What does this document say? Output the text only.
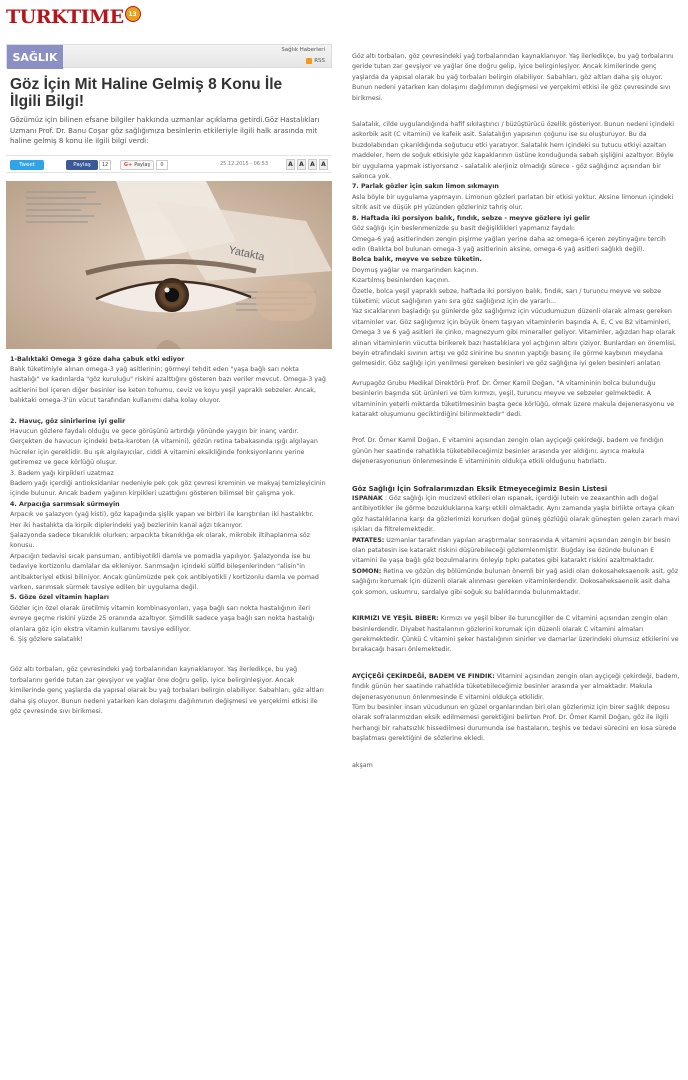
TURKTIME 13
SAĞLIK
Sağlık Haberleri
RSS
Göz İçin Mit Haline Gelmiş 8 Konu İle İlgili Bilgi!

Gözümüz için bilinen efsane bilgiler hakkında uzmanlar açıklama getirdi.Göz Hastalıkları Uzmanı Prof. Dr. Banu Coşar göz sağlığımıza besinlerin etkileriyle ilgili halk arasında mit haline gelmiş 8 konu ile ilgili bilgi verdi:

Tweet	Paylaş	12	G+ Paylaş	0	25.12.2015 - 06:53	A	A	A	A
Yatakta

1-Balıktaki Omega 3 göze daha çabuk etki ediyor

Balık tüketimiyle alınan omega-3 yağ asitlerinin; görmeyi tehdit eden "yaşa bağlı sarı nokta hastalığı" ve kadınlarda "göz kuruluğu" riskini azalttığını gösteren bazı veriler mevcut. Omega-3 yağ asitlerini bol içeren diğer besinler ise keten tohumu, ceviz ve koyu yeşil yapraklı sebzeler. Ancak, balıktaki omega-3'ün vücut tarafından kullanımı daha kolay oluyor.

2. Havuç, göz sinirlerine iyi gelir

Havucun gözlere faydalı olduğu ve gece görüşünü artırdığı yönünde yaygın bir inanç vardır.

Gerçekten de havucun içindeki beta-karoten (A vitamini), gözün retina tabakasında ışığı algılayan hücreler için gereklidir. Bu ışık algılayıcılar, ciddi A vitamini eksikliğinde fonksiyonlarını yerine getiremez ve gece körlüğü oluşur.

3. Badem yağı kirpikleri uzatmaz

Badem yağı içerdiği antioksidanlar nedeniyle pek çok göz çevresi kreminin ve makyaj temizleyicinin içinde bulunur. Ancak badem yağının kirpikleri uzattığını gösteren bilimsel bir çalışma yok.

4. Arpacığa sarımsak sürmeyin

Arpacık ve şalazyon (yağ kisti), göz kapağında şişlik yapan ve birbiri ile karıştırılan iki hastalıktır.

Her iki hastalıkta da kirpik diplerindeki yağ bezlerinin kanal ağzı tıkanıyor.

Şalazyonda sadece tıkanıklık olurken; arpacıkta tıkanıklığa ek olarak, mikrobik iltihaplanma söz konusu.

Arpacığın tedavisi sıcak pansuman, antibiyotikli damla ve pomadla yapılıyor. Şalazyonda ise bu tedaviye kortizonlu damlalar da ekleniyor. Sarımsağın içindeki sülfid bileşenlerinden "alisin"in antibakteriyel etkisi biliniyor. Ancak günümüzde pek çok antibiyotikli / kortizonlu damla ve pomad varken, sarımsak sürmek tavsiye edilen bir uygulama değil.

5. Göze özel vitamin hapları

Gözler için özel olarak üretilmiş vitamin kombinasyonları, yaşa bağlı sarı nokta hastalığının ileri evreye geçme riskini yüzde 25 oranında azaltıyor. Şimdilik sadece yaşa bağlı sarı nokta hastalığı olanlara göz için ekstra vitamin kullanımı tavsiye ediliyor.

6. Şiş gözlere salatalık!

Göz altı torbaları, göz çevresindeki yağ torbalarından kaynaklanıyor. Yaş ilerledikçe, bu yağ torbalarını geride tutan zar gevşiyor ve yağlar öne doğru gelip, iyice belirginleşiyor. Ancak kimilerinde genç yaşlarda da yapısal olarak bu yağ torbaları belirgin olabiliyor. Sabahları, göz altları daha şiş oluyor. Bunun nedeni yatarken kan dolaşımı dağılımının değişmesi ve yerçekimi etkisi ile göz çevresinde sıvı birikmesi.

Göz altı torbaları, göz çevresindeki yağ torbalarından kaynaklanıyor. Yaş ilerledikçe, bu yağ torbalarını geride tutan zar gevşiyor ve yağlar öne doğru gelip, iyice belirginleşiyor. Ancak kimilerinde genç yaşlarda da yapısal olarak bu yağ torbaları belirgin olabiliyor. Sabahları, göz altları daha şiş oluyor. Bunun nedeni yatarken kan dolaşımı dağılımının değişmesi ve yerçekimi etkisi ile göz çevresinde sıvı birikmesi.

Salatalık, cilde uygulandığında hafif sıkılaştırıcı / büzüştürücü özellik gösteriyor. Bunun nedeni içindeki askorbik asit (C vitamini) ve kafeik asit. Salatalığın yapısının çoğunu ise su oluşturuyor. Bu da buzdolabından çıkarıldığında soğutucu etki yaratıyor. Salatalık hem içindeki su tutucu etkiyi azaltan maddeler, hem de soğuk etkisiyle göz kapaklarının üstüne konduğunda sabah şişliğini azaltıyor. Böyle bir uygulama yapmak istiyorsanız - salatalık alerjiniz olmadığı sürece - göz sağlığınız açısından bir sakınca yok.

7. Parlak gözler için sakın limon sıkmayın

Asla böyle bir uygulama yapmayın. Limonun gözleri parlatan bir etkisi yoktur. Aksine limonun içindeki sitrik asit ve düşük pH yüzünden gözleriniz tahriş olur.

8. Haftada iki porsiyon balık, fındık, sebze - meyve gözlere iyi gelir

Göz sağlığı için beslenmenizde şu basit değişiklikleri yapmanız faydalı:

Omega-6 yağ asitlerinden zengin pişirme yağları yerine daha az omega-6 içeren zeytinyağını tercih edin (Balıkta bol bulunan omega-3 yağ asitlerinin aksine, omega-6 yağ asitleri sağlıklı değil).

Bolca balık, meyve ve sebze tüketin.

Doymuş yağlar ve margarinden kaçının.

Kızartılmış besinlerden kaçının.

Özetle, bolca yeşil yapraklı sebze, haftada iki porsiyon balık, fındık, sarı / turuncu meyve ve sebze tüketimi; vücut sağlığının yanı sıra göz sağlığınız için de yararlı...

Yaz sıcaklarının başladığı şu günlerde göz sağlığımız için vücudumuzun düzenli olarak alması gereken vitaminler var. Göz sağlığımız için büyük önem taşıyan vitaminlerin başında A, E, C ve B2 vitaminleri, Omega 3 ve 6 yağ asitleri ile çinko, magnezyum gibi mineraller geliyor. Vitaminler, ağızdan hap olarak alınan vitaminlerin vücutta birikerek bazı hastalıklara yol açtığının altını çiziyor. Bunlardan en önemlisi, beyin etrafındaki sıvının artışı ve göz sinirine bu sıvının yaptığı basınç ile görme kaybının meydana gelmesidir. Göz sağlığı için yenilmesi gereken besinleri ve göz sağlığına iyi gelen besinleri anlatan

Avrupagöz Grubu Medikal Direktörü Prof. Dr. Ömer Kamil Doğan, "A vitamininin bolca bulunduğu besinlerin başında süt ürünleri ve tüm kırmızı, yeşil, turuncu meyve ve sebzeler gelmektedir. A vitamininin yeterli miktarda tüketilmesinin başta gece körlüğü, olmak üzere makula dejenerasyonu ve katarakt oluşumunu geciktirdiğini bilinmektedir" dedi.

Prof. Dr. Ömer Kamil Doğan, E vitamini açısından zengin olan ayçiçeği çekirdeği, badem ve fındığın günün her saatinde rahatlıkla tüketebileceğimiz besinler arasında yer aldığını, ayrıca makula dejenerasyonunun önlenmesinde E vitamininin oldukça etkili olduğunu hatırlattı.

Göz Sağlığı İçin Sofralarımızdan Eksik Etmeyeceğimiz Besin Listesi

ISPANAK : Göz sağlığı için mucizevî etkileri olan ıspanak, içerdiği lutein ve zeaxanthin adlı doğal antibiyotikler ile görme bozukluklarına karşı etkili olmaktadır. Aynı zamanda yaşla birlikte ortaya çıkan göz hastalıklarına karşı da gözlerimizi korurken doğal güneş gözlüğü olarak güneşten gelen zararlı mavi ışıkları da filtrelemektedir.

PATATES: Uzmanlar tarafından yapılan araştırmalar sonrasında A vitamini açısından zengin bir besin olan patatesin ise katarakt riskini düşürebileceği gözlemlenmiştir. Buğday ise özünde bulunan E vitamini ile yaşa bağlı göz bozulmalarını önleyip tıpkı patates gibi katarakt riskini azaltmaktadır.

SOMON: Retina ve gözün dış bölümünde bulunan önemli bir yağ asidi olan dokosaheksaenoik asit, göz sağlığını korumak için düzenli olarak alınması gereken vitaminlerdendir. Dokosaheksaenoik asit daha çok somon, uskumru, sardalye gibi soğuk su balıklarında bulunmaktadır.

KIRMIZI VE YEŞİL BİBER: Kırmızı ve yeşil biber ile turuncgiller de C vitamini açısından zengin olan besinlerdendir. Diyabet hastalarının gözlerini korumak için düzenli olarak C vitamini almaları gerekmektedir. Çünkü C vitamini şeker hastalığının sinirler ve damarlar üzerindeki olumsuz etkilerini ve bırakacağı hasarı önlemektedir.

AYÇİÇEĞİ ÇEKİRDEĞİ, BADEM VE FINDIK: Vitamini açısından zengin olan ayçiçeği çekirdeği, badem, fındık günün her saatinde rahatlıkla tüketebileceğimiz besinler arasında yer almaktadır. Makula dejenerasyonunun önlenmesinde E vitamini oldukça etkilidir.

Tüm bu besinler insan vücudunun en güzel organlarından biri olan gözlerimiz için birer sağlık deposu olarak sofralarımızdan eksik edilmemesi gerektiğini belirten Prof. Dr. Ömer Kamil Doğan, göz ile ilgili herhangi bir rahatsızlık hissedilmesi durumunda ise hastaların, teşhis ve tedavi sürecini en kısa sürede başlatması gerektiğini de sözlerine ekledi.

akşam
